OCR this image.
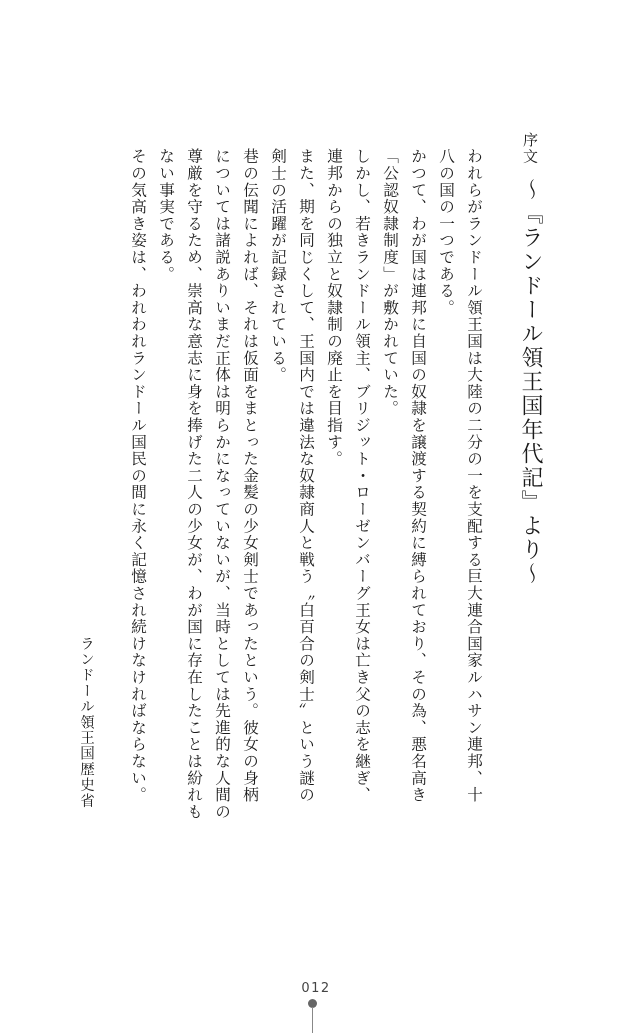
序文～『ランドール領王国年代記』より～

われらがランドール領王国は大陸の二分の一を支配する巨大連合国家ルハサン連邦、十

八の国の一つである。

かつて、わが国は連邦に自国の奴隷を譲渡する契約に縛られており、その為、悪名高き

「公認奴隷制度」が敷かれていた。

しかし、若きランドール領主、ブリジット・ローゼンバーグ王女は亡き父の志を継ぎ、

連邦からの独立と奴隷制の廃止を目指す。

また、期を同じくして、王国内では違法な奴隷商人と戦う〝白百合の剣士〟という謎の

剣士の活躍が記録されている。

巷の伝聞によれば、それは仮面をまとった金髪の少女剣士であったという。彼女の身柄

については諸説ありいまだ正体は明らかになっていないが、当時としては先進的な人間の

尊厳を守るため、崇高な意志に身を捧げた二人の少女が、わが国に存在したことは紛れも

ない事実である。

その気高き姿は、われわれランドール国民の間に永く記憶され続けなければならない。

ランドール領王国歴史省
012
